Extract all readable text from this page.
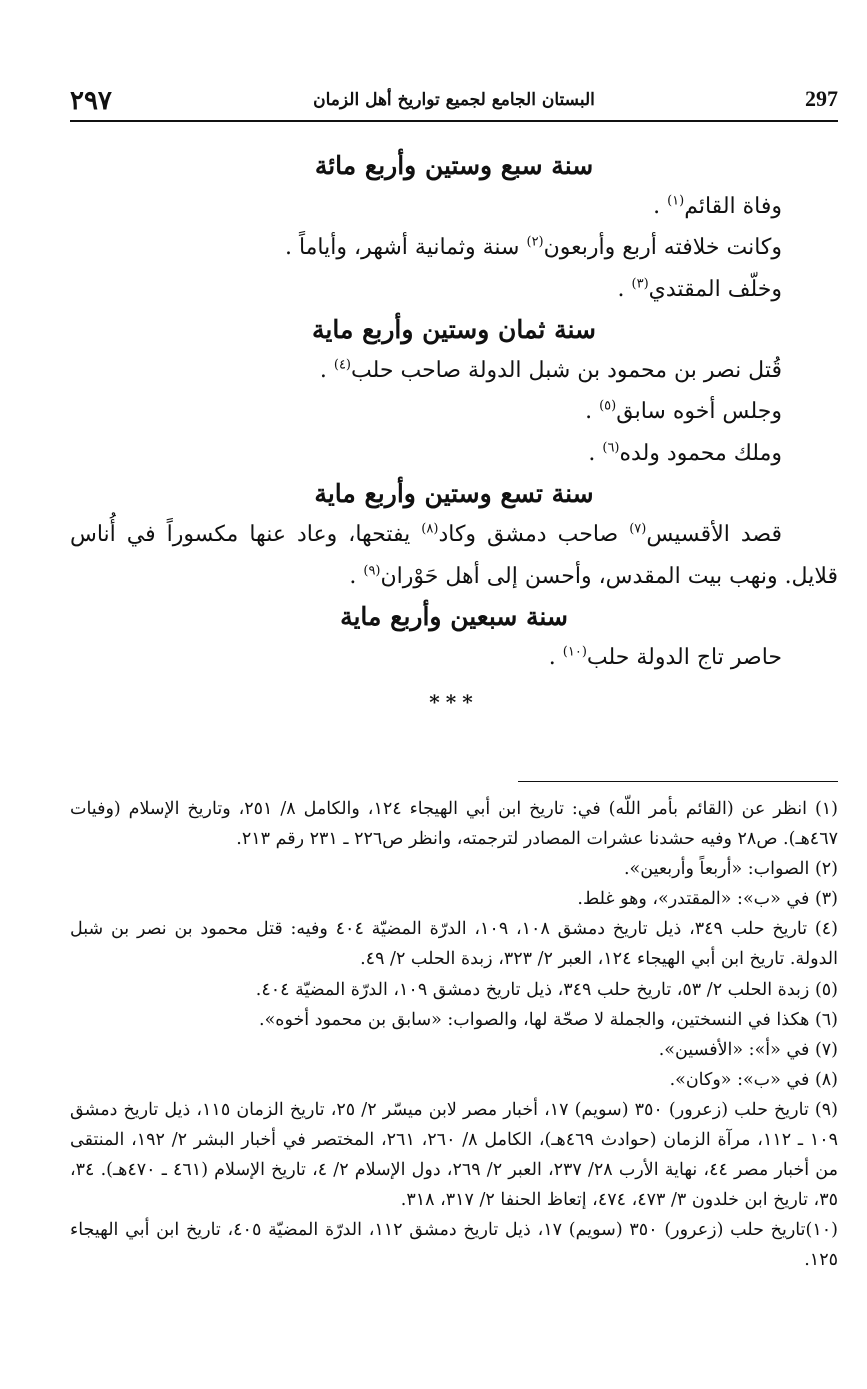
٢٩٧	البستان الجامع لجميع تواريخ أهل الزمان	297
سنة سبع وستين وأربع مائة

وفاة القائم$^{(١)}$ .

وكانت خلافته أربع وأربعون$^{(٢)}$ سنة وثمانية أشهر، وأياماً .

وخلّف المقتدي$^{(٣)}$ .

سنة ثمان وستين وأربع ماية

قُتل نصر بن محمود بن شبل الدولة صاحب حلب$^{(٤)}$ .

وجلس أخوه سابق$^{(٥)}$ .

وملك محمود ولده$^{(٦)}$ .

سنة تسع وستين وأربع ماية

قصد الأقسيس$^{(٧)}$ صاحب دمشق وكاد$^{(٨)}$ يفتحها، وعاد عنها مكسوراً في أُناس قلايل. ونهب بيت المقدس، وأحسن إلى أهل حَوْران$^{(٩)}$ .

سنة سبعين وأربع ماية

حاصر تاج الدولة حلب$^{(١٠)}$ .

***

(١) انظر عن (القائم بأمر اللّه) في: تاريخ ابن أبي الهيجاء ١٢٤، والكامل ٨/ ٢٥١، وتاريخ الإسلام (وفيات ٤٦٧هـ). ص٢٨ وفيه حشدنا عشرات المصادر لترجمته، وانظر ص٢٢٦ ـ ٢٣١ رقم ٢١٣.

(٢) الصواب: «أربعاً وأربعين».

(٣) في «ب»: «المقتدر»، وهو غلط.

(٤) تاريخ حلب ٣٤٩، ذيل تاريخ دمشق ١٠٨، ١٠٩، الدرّة المضيّة ٤٠٤ وفيه: قتل محمود بن نصر بن شبل الدولة. تاريخ ابن أبي الهيجاء ١٢٤، العبر ٢/ ٣٢٣، زبدة الحلب ٢/ ٤٩.

(٥) زبدة الحلب ٢/ ٥٣، تاريخ حلب ٣٤٩، ذيل تاريخ دمشق ١٠٩، الدرّة المضيّة ٤٠٤.

(٦) هكذا في النسختين، والجملة لا صحّة لها، والصواب: «سابق بن محمود أخوه».

(٧) في «أ»: «الأفسين».

(٨) في «ب»: «وكان».

(٩) تاريخ حلب (زعرور) ٣٥٠ (سويم) ١٧، أخبار مصر لابن ميسّر ٢/ ٢٥، تاريخ الزمان ١١٥، ذيل تاريخ دمشق ١٠٩ ـ ١١٢، مرآة الزمان (حوادث ٤٦٩هـ)، الكامل ٨/ ٢٦٠، ٢٦١، المختصر في أخبار البشر ٢/ ١٩٢، المنتقى من أخبار مصر ٤٤، نهاية الأرب ٢٨/ ٢٣٧، العبر ٢/ ٢٦٩، دول الإسلام ٢/ ٤، تاريخ الإسلام (٤٦١ ـ ٤٧٠هـ). ٣٤، ٣٥، تاريخ ابن خلدون ٣/ ٤٧٣، ٤٧٤، إتعاظ الحنفا ٢/ ٣١٧، ٣١٨.

(١٠)تاريخ حلب (زعرور) ٣٥٠ (سويم) ١٧، ذيل تاريخ دمشق ١١٢، الدرّة المضيّة ٤٠٥، تاريخ ابن أبي الهيجاء ١٢٥.
